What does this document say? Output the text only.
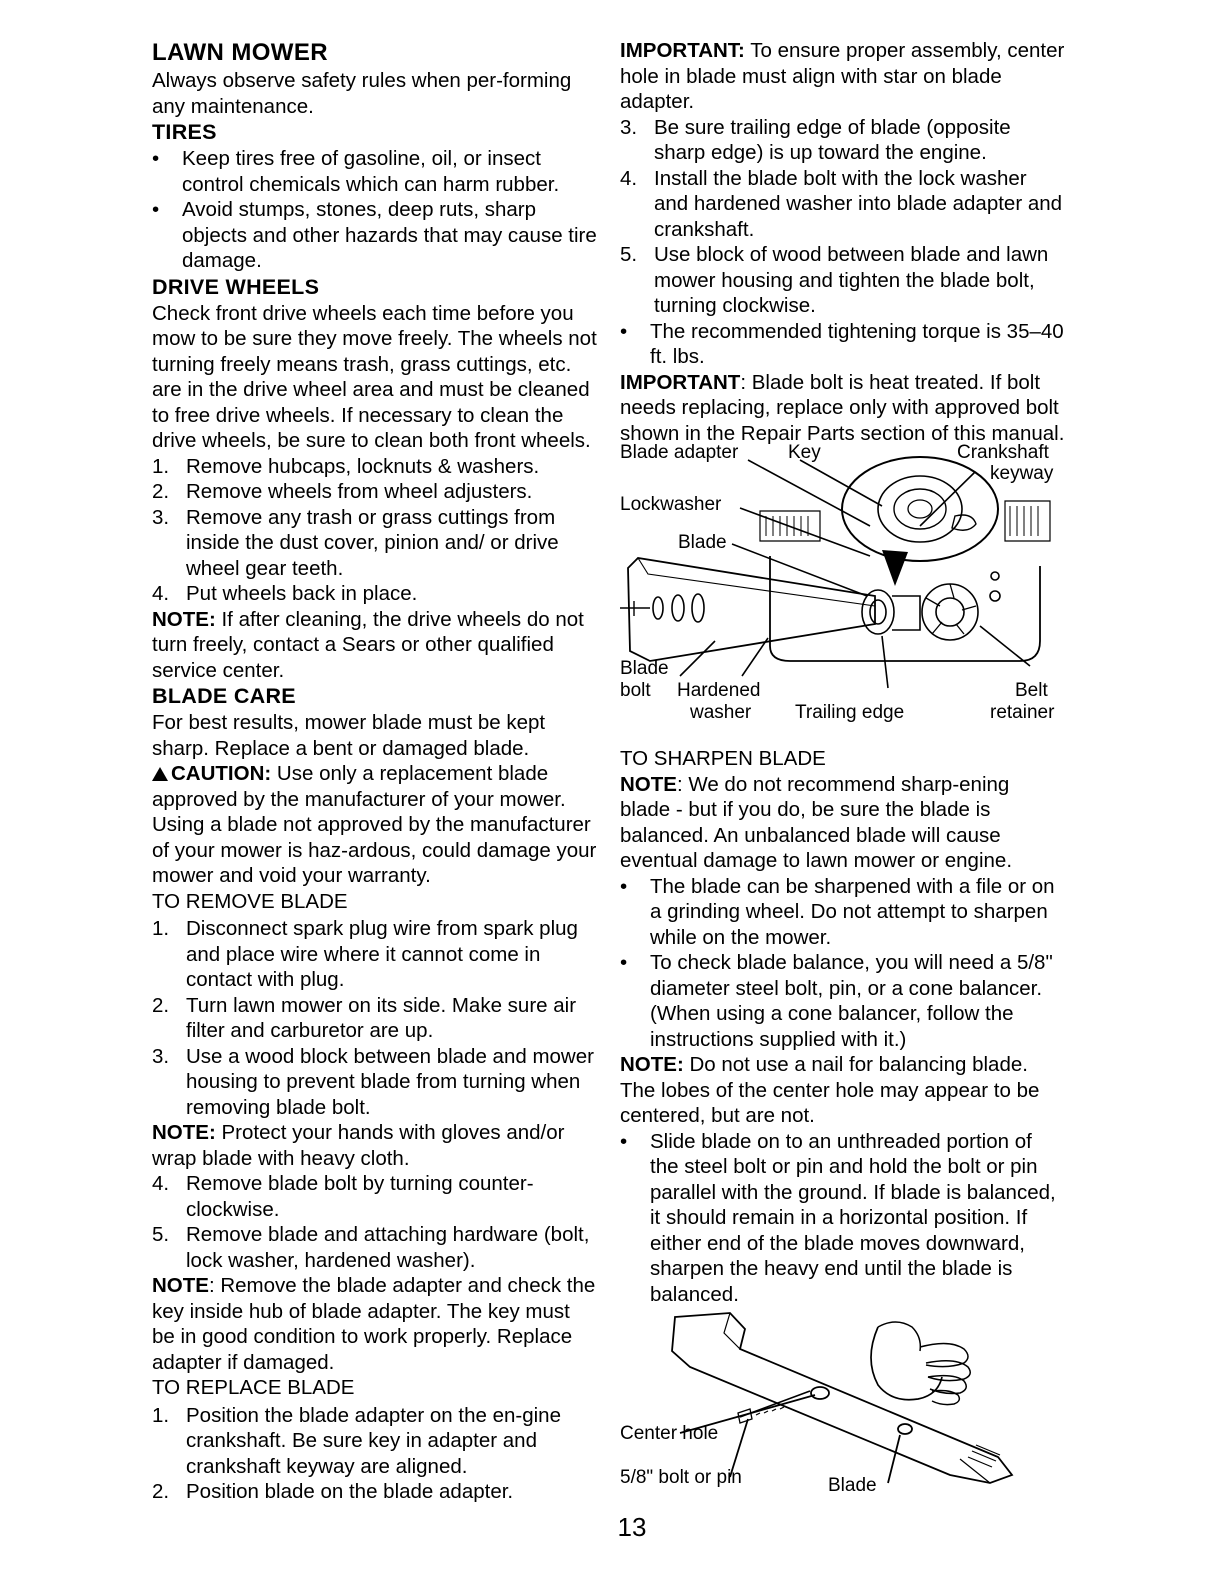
LAWN MOWER

Always observe safety rules when per-forming any maintenance.

TIRES
•	Keep tires free of gasoline, oil, or insect control chemicals which can harm rubber.
•	Avoid stumps, stones, deep ruts, sharp objects and other hazards that may cause tire damage.
DRIVE WHEELS

Check front drive wheels each time before you mow to be sure they move freely. The wheels not turning freely means trash, grass cuttings, etc. are in the drive wheel area and must be cleaned to free drive wheels. If necessary to clean the drive wheels, be sure to clean both front wheels.

1. Remove hubcaps, locknuts & washers.
2. Remove wheels from wheel adjusters.
3. Remove any trash or grass cuttings from inside the dust cover, pinion and/ or drive wheel gear teeth.
4. Put wheels back in place.

NOTE: If after cleaning, the drive wheels do not turn freely, contact a Sears or other qualified service center.

BLADE CARE

For best results, mower blade must be kept sharp. Replace a bent or damaged blade.

CAUTION: Use only a replacement blade approved by the manufacturer of your mower. Using a blade not approved by the manufacturer of your mower is haz-ardous, could damage your mower and void your warranty.

TO REMOVE BLADE

1. Disconnect spark plug wire from spark plug and place wire where it cannot come in contact with plug.
2. Turn lawn mower on its side. Make sure air filter and carburetor are up.
3. Use a wood block between blade and mower housing to prevent blade from turning when removing blade bolt.

NOTE: Protect your hands with gloves and/or wrap blade with heavy cloth.

4. Remove blade bolt by turning counter-clockwise.
5. Remove blade and attaching hardware (bolt, lock washer, hardened washer).

NOTE: Remove the blade adapter and check the key inside hub of blade adapter. The key must be in good condition to work properly. Replace adapter if damaged.

TO REPLACE BLADE

1. Position the blade adapter on the en-gine crankshaft. Be sure key in adapter and crankshaft keyway are aligned.
2. Position blade on the blade adapter.

IMPORTANT: To ensure proper assembly, center hole in blade must align with star on blade adapter.

3. Be sure trailing edge of blade (opposite sharp edge) is up toward the engine.
4. Install the blade bolt with the lock washer and hardened washer into blade adapter and crankshaft.
5. Use block of wood between blade and lawn mower housing and tighten the blade bolt, turning clockwise.
•	The recommended tightening torque is 35–40 ft. lbs.

IMPORTANT: Blade bolt is heat treated. If bolt needs replacing, replace only with approved bolt shown in the Repair Parts section of this manual.

Blade adapter	Key	Crankshaft
keyway
Lockwasher
Blade
Blade
bolt Hardened
washer Trailing edge
Belt
retainer

TO SHARPEN BLADE

NOTE: We do not recommend sharp-ening blade - but if you do, be sure the blade is balanced. An unbalanced blade will cause eventual damage to lawn mower or engine.

•	The blade can be sharpened with a file or on a grinding wheel. Do not attempt to sharpen while on the mower.
•	To check blade balance, you will need a 5/8" diameter steel bolt, pin, or a cone balancer. (When using a cone balancer, follow the instructions supplied with it.)

NOTE: Do not use a nail for balancing blade. The lobes of the center hole may appear to be centered, but are not.

•	Slide blade on to an unthreaded portion of the steel bolt or pin and hold the bolt or pin parallel with the ground. If blade is balanced, it should remain in a horizontal position. If either end of the blade moves downward, sharpen the heavy end until the blade is balanced.
Center hole
5/8" bolt or pin	Blade
13
